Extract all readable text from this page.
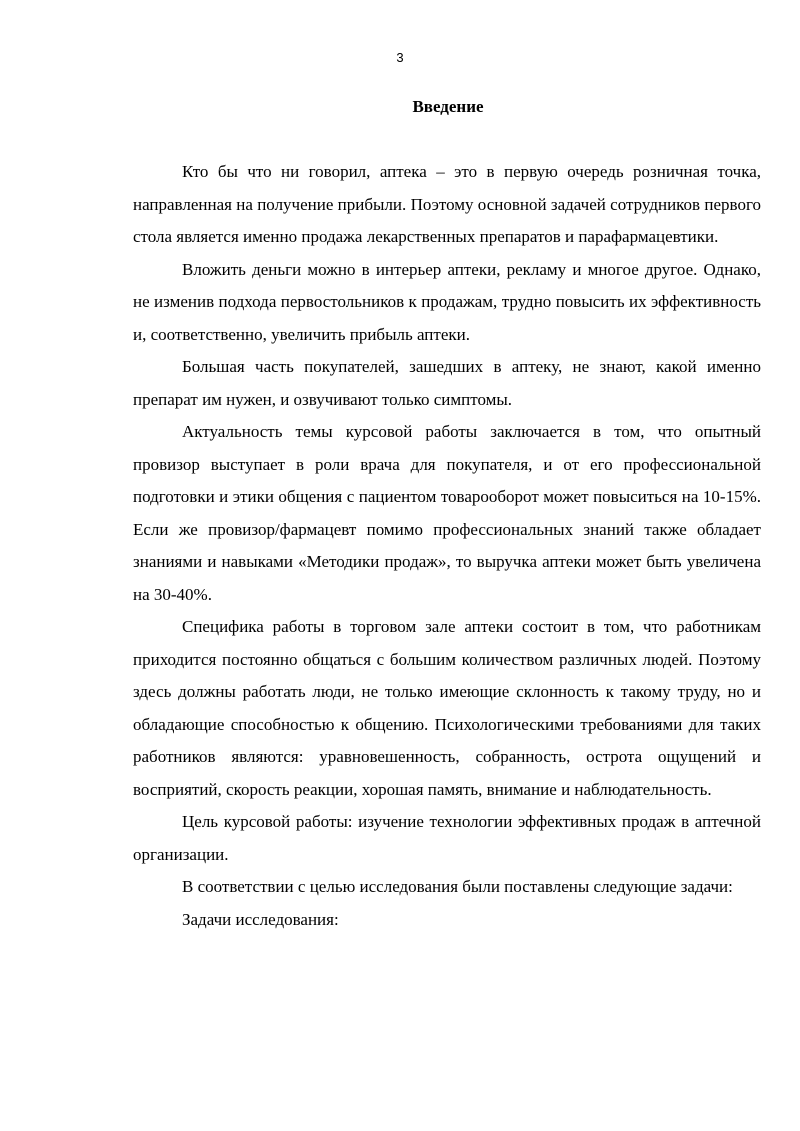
3
Введение

Кто бы что ни говорил, аптека – это в первую очередь розничная точка, направленная на получение прибыли. Поэтому основной задачей сотрудников первого стола является именно продажа лекарственных препаратов и парафармацевтики.

Вложить деньги можно в интерьер аптеки, рекламу и многое другое. Однако, не изменив подхода первостольников к продажам, трудно повысить их эффективность и, соответственно, увеличить прибыль аптеки.

Большая часть покупателей, зашедших в аптеку, не знают, какой именно препарат им нужен, и озвучивают только симптомы.

Актуальность темы курсовой работы заключается в том, что опытный провизор выступает в роли врача для покупателя, и от его профессиональной подготовки и этики общения с пациентом товарооборот может повыситься на 10-15%. Если же провизор/фармацевт помимо профессиональных знаний также обладает знаниями и навыками «Методики продаж», то выручка аптеки может быть увеличена на 30-40%.

Специфика работы в торговом зале аптеки состоит в том, что работникам приходится постоянно общаться с большим количеством различных людей. Поэтому здесь должны работать люди, не только имеющие склонность к такому труду, но и обладающие способностью к общению. Психологическими требованиями для таких работников являются: уравновешенность, собранность, острота ощущений и восприятий, скорость реакции, хорошая память, внимание и наблюдательность.

Цель курсовой работы: изучение технологии эффективных продаж в аптечной организации.

В соответствии с целью исследования были поставлены следующие задачи:

Задачи исследования:
